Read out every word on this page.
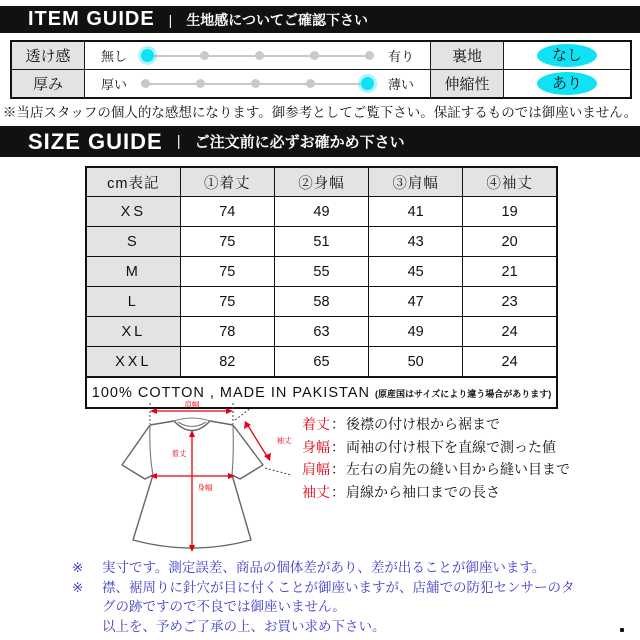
ITEM GUIDE | 生地感についてご確認下さい
透け感	無し 有り	裏地	なし
厚み	厚い 薄い	伸縮性	あり
※当店スタッフの個人的な感想になります。御参考としてご覧下さい。保証するものでは御座いません。
SIZE GUIDE | ご注文前に必ずお確かめ下さい
cm表記	①着丈	②身幅	③肩幅	④袖丈
XS	74	49	41	19
S	75	51	43	20
M	75	55	45	21
L	75	58	47	23
XL	78	63	49	24
XXL	82	65	50	24
100% COTTON , MADE IN PAKISTAN (原産国はサイズにより違う場合があります)				
肩幅
着丈
身幅
袖丈
着丈：後襟の付け根から裾まで
身幅：両袖の付け根下を直線で測った値
肩幅：左右の肩先の縫い目から縫い目まで
袖丈：肩線から袖口までの長さ
※	実寸です。測定誤差、商品の個体差があり、差が出ることが御座います。
※	襟、裾周りに針穴が目に付くことが御座いますが、店舗での防犯センサーのタグの跡ですので不良では御座いません。
以上を、予めご了承の上、お買い求め下さい。
